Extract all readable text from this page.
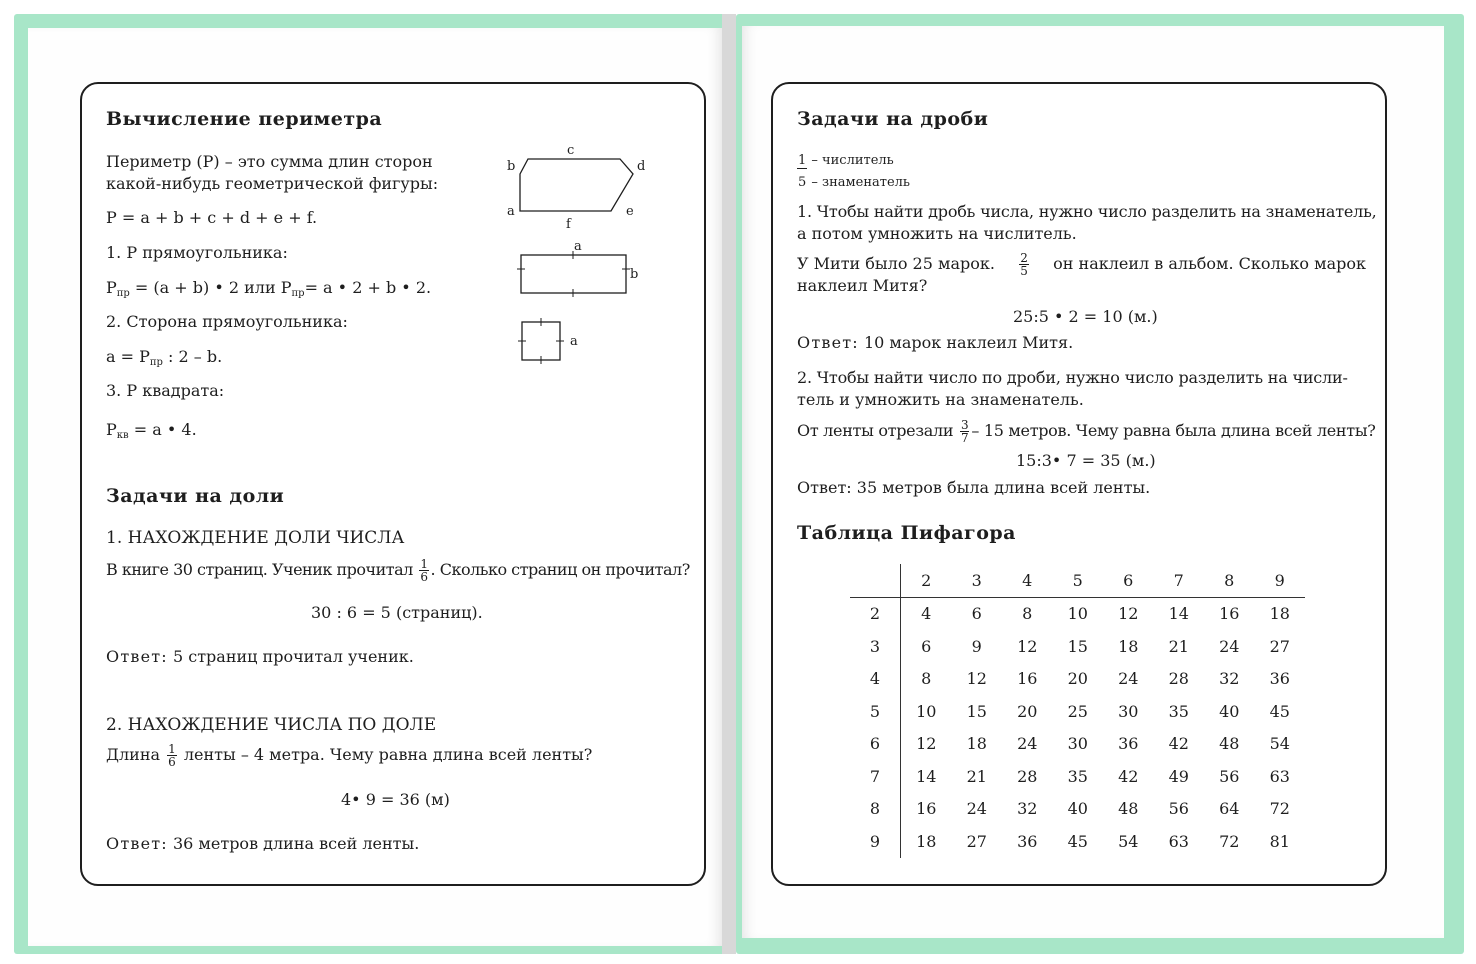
Вычисление периметра
Периметр (Р) – это сумма длин сторон
какой-нибудь геометрической фигуры:
Р = a + b + c + d + e + f.
1. Р прямоугольника:
$Р_{пр} = (a + b)$ • 2 или $Р_{пр}= a$ • 2 + b • 2.
2. Сторона прямоугольника:
$a = Р_{пр}$ : 2 – b.
3. Р квадрата:
$Р_{кв} = a$ • 4.
c
b	d
a	e
f
a
b
a
Задачи на доли
1. НАХОЖДЕНИЕ ДОЛИ ЧИСЛА
В книге 30 страниц. Ученик прочитал $\frac{1}{6}$ . Сколько страниц он прочитал?
30 : 6 = 5 (страниц).
Ответ: 5 страниц прочитал ученик.
2. НАХОЖДЕНИЕ ЧИСЛА ПО ДОЛЕ
Длина $\frac{1}{6}$ ленты – 4 метра. Чему равна длина всей ленты?
4• 9 = 36 (м)
Ответ: 36 метров длина всей ленты.
Задачи на дроби
1 – числитель
5 – знаменатель
1. Чтобы найти дробь числа, нужно число разделить на знаменатель,
а потом умножить на числитель.
У Мити было 25 марок. $\frac{2}{5}$ он наклеил в альбом. Сколько марок
наклеил Митя?
25:5 • 2 = 10 (м.)
Ответ: 10 марок наклеил Митя.
2. Чтобы найти число по дроби, нужно число разделить на числи-
тель и умножить на знаменатель.
От ленты отрезали $\frac{3}{7} - 15$ метров. Чему равна была длина всей ленты?
15:3• 7 = 35 (м.)
Ответ: 35 метров была длина всей ленты.
Таблица Пифагора
	2	3	4	5	6	7	8	9
2	4	6	8	10	12	14	16	18
3	6	9	12	15	18	21	24	27
4	8	12	16	20	24	28	32	36
5	10	15	20	25	30	35	40	45
6	12	18	24	30	36	42	48	54
7	14	21	28	35	42	49	56	63
8	16	24	32	40	48	56	64	72
9	18	27	36	45	54	63	72	81
